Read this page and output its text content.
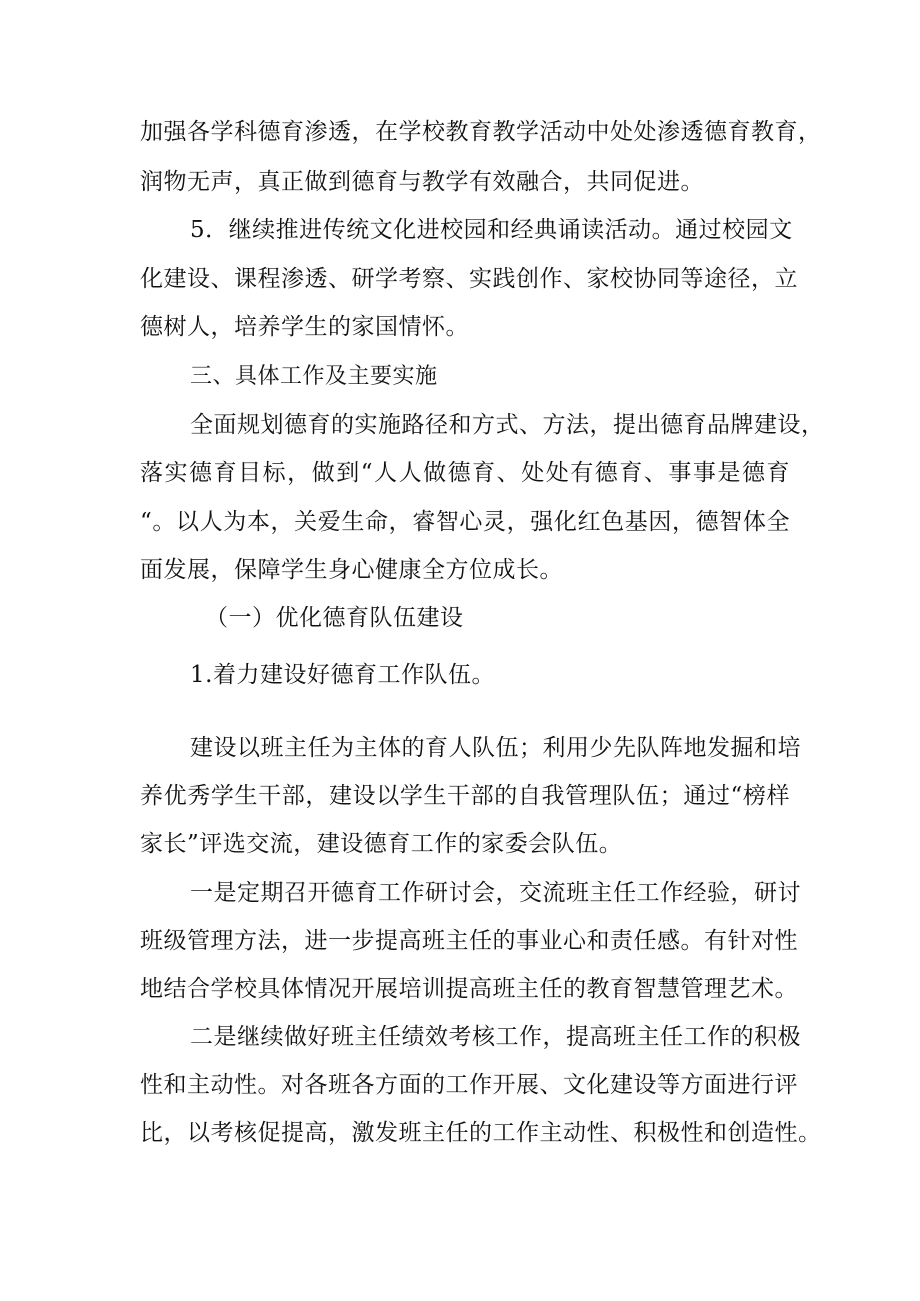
加强各学科德育渗透，在学校教育教学活动中处处渗透德育教育，
润物无声，真正做到德育与教学有效融合，共同促进。
5．继续推进传统文化进校园和经典诵读活动。通过校园文
化建设、课程渗透、研学考察、实践创作、家校协同等途径，立
德树人，培养学生的家国情怀。
三、具体工作及主要实施
全面规划德育的实施路径和方式、方法，提出德育品牌建设，
落实德育目标，做到“人人做德育、处处有德育、事事是德育
“。以人为本，关爱生命，睿智心灵，强化红色基因，德智体全
面发展，保障学生身心健康全方位成长。
（一）优化德育队伍建设
1.着力建设好德育工作队伍。
建设以班主任为主体的育人队伍；利用少先队阵地发掘和培
养优秀学生干部，建设以学生干部的自我管理队伍；通过“榜样
家长”评选交流，建设德育工作的家委会队伍。
一是定期召开德育工作研讨会，交流班主任工作经验，研讨
班级管理方法，进一步提高班主任的事业心和责任感。有针对性
地结合学校具体情况开展培训提高班主任的教育智慧管理艺术。
二是继续做好班主任绩效考核工作，提高班主任工作的积极
性和主动性。对各班各方面的工作开展、文化建设等方面进行评
比，以考核促提高，激发班主任的工作主动性、积极性和创造性。
